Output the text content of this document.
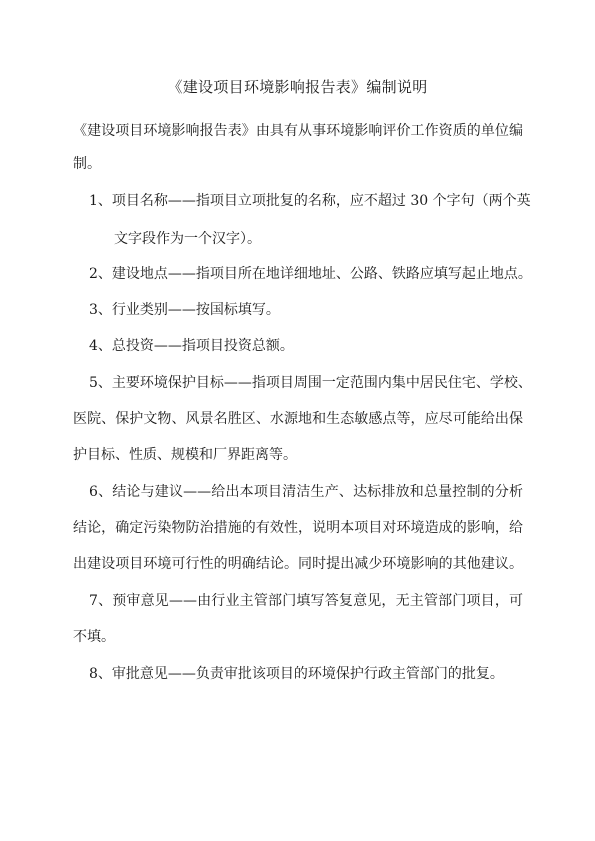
《建设项目环境影响报告表》编制说明
《建设项目环境影响报告表》由具有从事环境影响评价工作资质的单位编
制。
1、项目名称——指项目立项批复的名称，应不超过 30 个字句（两个英
文字段作为一个汉字）。
2、建设地点——指项目所在地详细地址、公路、铁路应填写起止地点。
3、行业类别——按国标填写。
4、总投资——指项目投资总额。
5、主要环境保护目标——指项目周围一定范围内集中居民住宅、学校、
医院、保护文物、风景名胜区、水源地和生态敏感点等，应尽可能给出保
护目标、性质、规模和厂界距离等。
6、结论与建议——给出本项目清洁生产、达标排放和总量控制的分析
结论，确定污染物防治措施的有效性，说明本项目对环境造成的影响，给
出建设项目环境可行性的明确结论。同时提出减少环境影响的其他建议。
7、预审意见——由行业主管部门填写答复意见，无主管部门项目，可
不填。
8、审批意见——负责审批该项目的环境保护行政主管部门的批复。
